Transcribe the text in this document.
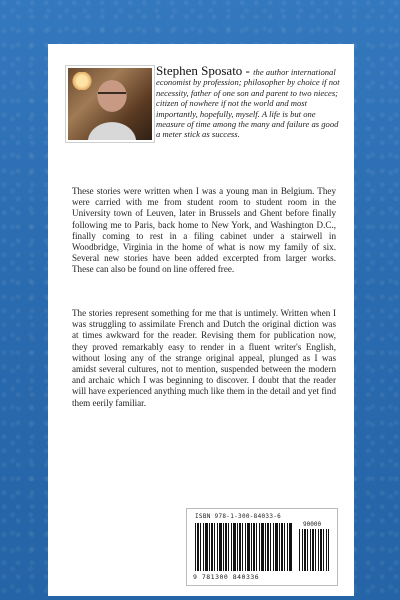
Stephen Sposato - the author international economist by profession; philosopher by choice if not necessity, father of one son and parent to two nieces; citizen of nowhere if not the world and most importantly, hopefully, myself. A life is but one measure of time among the many and failure as good a meter stick as success.

These stories were written when I was a young man in Belgium. They were carried with me from student room to student room in the University town of Leuven, later in Brussels and Ghent before finally following me to Paris, back home to New York, and Washington D.C., finally coming to rest in a filing cabinet under a stairwell in Woodbridge, Virginia in the home of what is now my family of six. Several new stories have been added excerpted from larger works. These can also be found on line offered free.

The stories represent something for me that is untimely. Written when I was struggling to assimilate French and Dutch the original diction was at times awkward for the reader. Revising them for publication now, they proved remarkably easy to render in a fluent writer's English, without losing any of the strange original appeal, plunged as I was amidst several cultures, not to mention, suspended between the modern and archaic which I was beginning to discover. I doubt that the reader will have experienced anything much like them in the detail and yet find them eerily familiar.

ISBN 978-1-300-84033-6
90000
9 781300 840336
